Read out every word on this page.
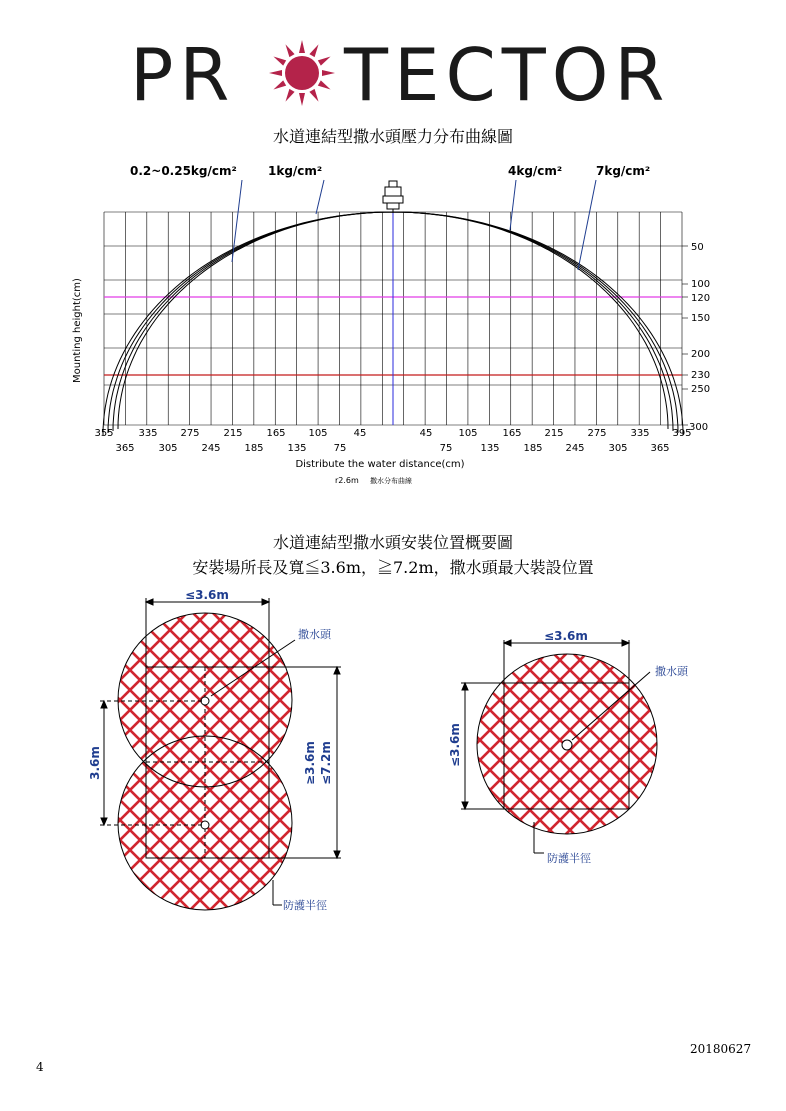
PR TECTOR
水道連結型撒水頭壓力分布曲線圖
0.2~0.25kg/cm²	1kg/cm²	4kg/cm²	7kg/cm²
Mounting height(cm)
50
100
120
150
200
230
250
300
355 335 275 215 165 105	45	45	105 165 215 275 335 395
365 305 245 185 135	75	75	135 185 245 305 365
Distribute the water distance(cm)
r2.6m 撒水分布曲線
水道連結型撒水頭安裝位置概要圖
安裝場所長及寬≦3.6m，≧7.2m，撒水頭最大裝設位置
≤3.6m
3.6m	≥3.6m ≤7.2m
撒水頭
防護半徑
≤3.6m
≤3.6m
撒水頭
防護半徑
20180627
4
